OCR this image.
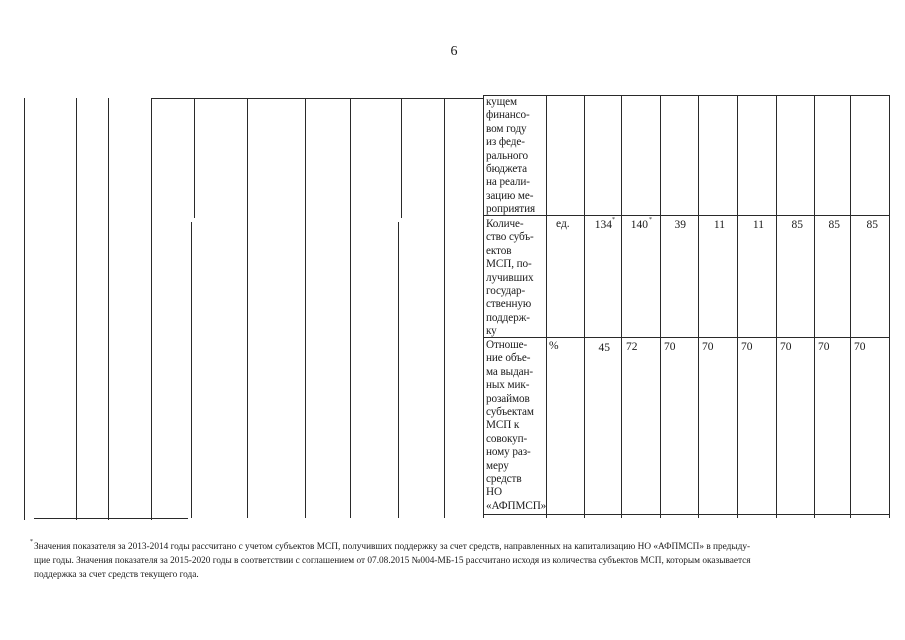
6
кущем
финансо-
вом году
из феде-
рального
бюджета
на реали-
зацию ме-
роприятия
Количе-
ство субъ-
ектов
МСП, по-
лучивших
государ-
ственную
поддерж-
ку
ед.	134 *	140 *	39	11	11	85	85	85
Отноше-
ние объе-
ма выдан-
ных мик-
розаймов
субъектам
МСП к
совокуп-
ному раз-
меру
средств
НО
«АФПМСП»
%	45 72 70 70 70 70 70 70
* Значения показателя за 2013-2014 годы рассчитано с учетом субъектов МСП, получивших поддержку за счет средств, направленных на капитализацию НО «АФПМСП» в предыду-
щие годы. Значения показателя за 2015-2020 годы в соответствии с соглашением от 07.08.2015 №004-МБ-15 рассчитано исходя из количества субъектов МСП, которым оказывается
поддержка за счет средств текущего года.
